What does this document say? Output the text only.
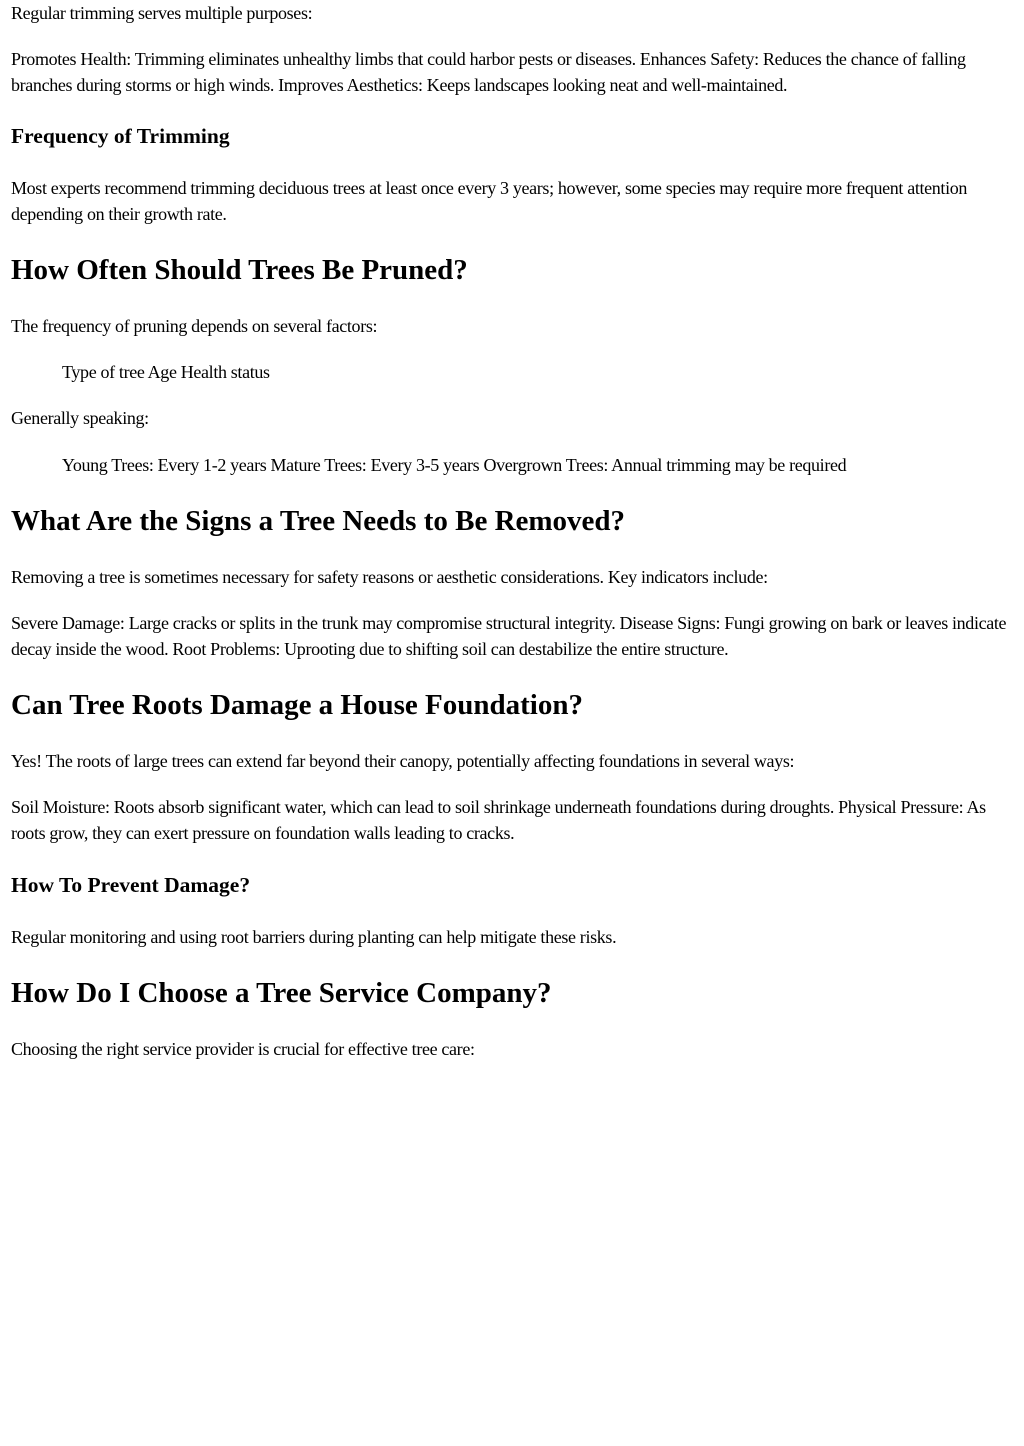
Regular trimming serves multiple purposes:

Promotes Health: Trimming eliminates unhealthy limbs that could harbor pests or diseases. Enhances Safety: Reduces the chance of falling branches during storms or high winds. Improves Aesthetics: Keeps landscapes looking neat and well-maintained.

Frequency of Trimming

Most experts recommend trimming deciduous trees at least once every 3 years; however, some species may require more frequent attention depending on their growth rate.

How Often Should Trees Be Pruned?

The frequency of pruning depends on several factors:

Type of tree Age Health status

Generally speaking:

Young Trees: Every 1-2 years Mature Trees: Every 3-5 years Overgrown Trees: Annual trimming may be required

What Are the Signs a Tree Needs to Be Removed?

Removing a tree is sometimes necessary for safety reasons or aesthetic considerations. Key indicators include:

Severe Damage: Large cracks or splits in the trunk may compromise structural integrity. Disease Signs: Fungi growing on bark or leaves indicate decay inside the wood. Root Problems: Uprooting due to shifting soil can destabilize the entire structure.

Can Tree Roots Damage a House Foundation?

Yes! The roots of large trees can extend far beyond their canopy, potentially affecting foundations in several ways:

Soil Moisture: Roots absorb significant water, which can lead to soil shrinkage underneath foundations during droughts. Physical Pressure: As roots grow, they can exert pressure on foundation walls leading to cracks.

How To Prevent Damage?

Regular monitoring and using root barriers during planting can help mitigate these risks.

How Do I Choose a Tree Service Company?

Choosing the right service provider is crucial for effective tree care:
